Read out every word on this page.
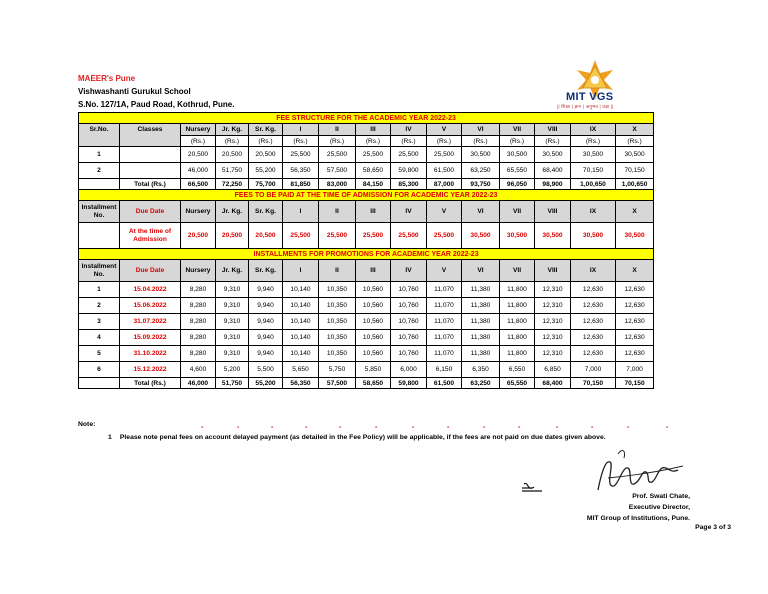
MAEER's Pune
Vishwashanti Gurukul School
S.No. 127/1A, Paud Road, Kothrud, Pune.
MIT VGS
|| शिक्षा | ज्ञान | अनुभव | प्रज्ञा ||
FEE STRUCTURE FOR THE ACADEMIC YEAR 2022-23														
Sr.No.	Classes	Nursery	Jr. Kg.	Sr. Kg.	I	II	III	IV	V	VI	VII	VIII	IX	X
		(Rs.)	(Rs.)	(Rs.)	(Rs.)	(Rs.)	(Rs.)	(Rs.)	(Rs.)	(Rs.)	(Rs.)	(Rs.)	(Rs.)	(Rs.)
1		20,500	20,500	20,500	25,500	25,500	25,500	25,500	25,500	30,500	30,500	30,500	30,500	30,500
2		46,000	51,750	55,200	56,350	57,500	58,650	59,800	61,500	63,250	65,550	68,400	70,150	70,150
	Total (Rs.)	66,500	72,250	75,700	81,850	83,000	84,150	85,300	87,000	93,750	96,050	98,900	1,00,650	1,00,650
FEES TO BE PAID AT THE TIME OF ADMISSION FOR ACADEMIC YEAR 2022-23														
Installment No.	Due Date	Nursery	Jr. Kg.	Sr. Kg.	I	II	III	IV	V	VI	VII	VIII	IX	X
	At the time of Admission	20,500	20,500	20,500	25,500	25,500	25,500	25,500	25,500	30,500	30,500	30,500	30,500	30,500
INSTALLMENTS FOR PROMOTIONS FOR ACADEMIC YEAR 2022-23														
Installment No.	Due Date	Nursery	Jr. Kg.	Sr. Kg.	I	II	III	IV	V	VI	VII	VIII	IX	X
1	15.04.2022	8,280	9,310	9,940	10,140	10,350	10,560	10,760	11,070	11,380	11,800	12,310	12,630	12,630
2	15.06.2022	8,280	9,310	9,940	10,140	10,350	10,560	10,760	11,070	11,380	11,800	12,310	12,630	12,630
3	31.07.2022	8,280	9,310	9,940	10,140	10,350	10,560	10,760	11,070	11,380	11,800	12,310	12,630	12,630
4	15.09.2022	8,280	9,310	9,940	10,140	10,350	10,560	10,760	11,070	11,380	11,800	12,310	12,630	12,630
5	31.10.2022	8,280	9,310	9,940	10,140	10,350	10,560	10,760	11,070	11,380	11,800	12,310	12,630	12,630
6	15.12.2022	4,600	5,200	5,500	5,650	5,750	5,850	6,000	6,150	6,350	6,550	6,850	7,000	7,000
	Total (Rs.)	46,000	51,750	55,200	56,350	57,500	58,650	59,800	61,500	63,250	65,550	68,400	70,150	70,150
-	-	-	-	-	-	-	-	-	-	-	-	-	-
Note:
1 Please note penal fees on account delayed payment (as detailed in the Fee Policy) will be applicable, if the fees are not paid on due dates given above.
Prof. Swati Chate,
Executive Director,
MIT Group of Institutions, Pune.
Page 3 of 3
